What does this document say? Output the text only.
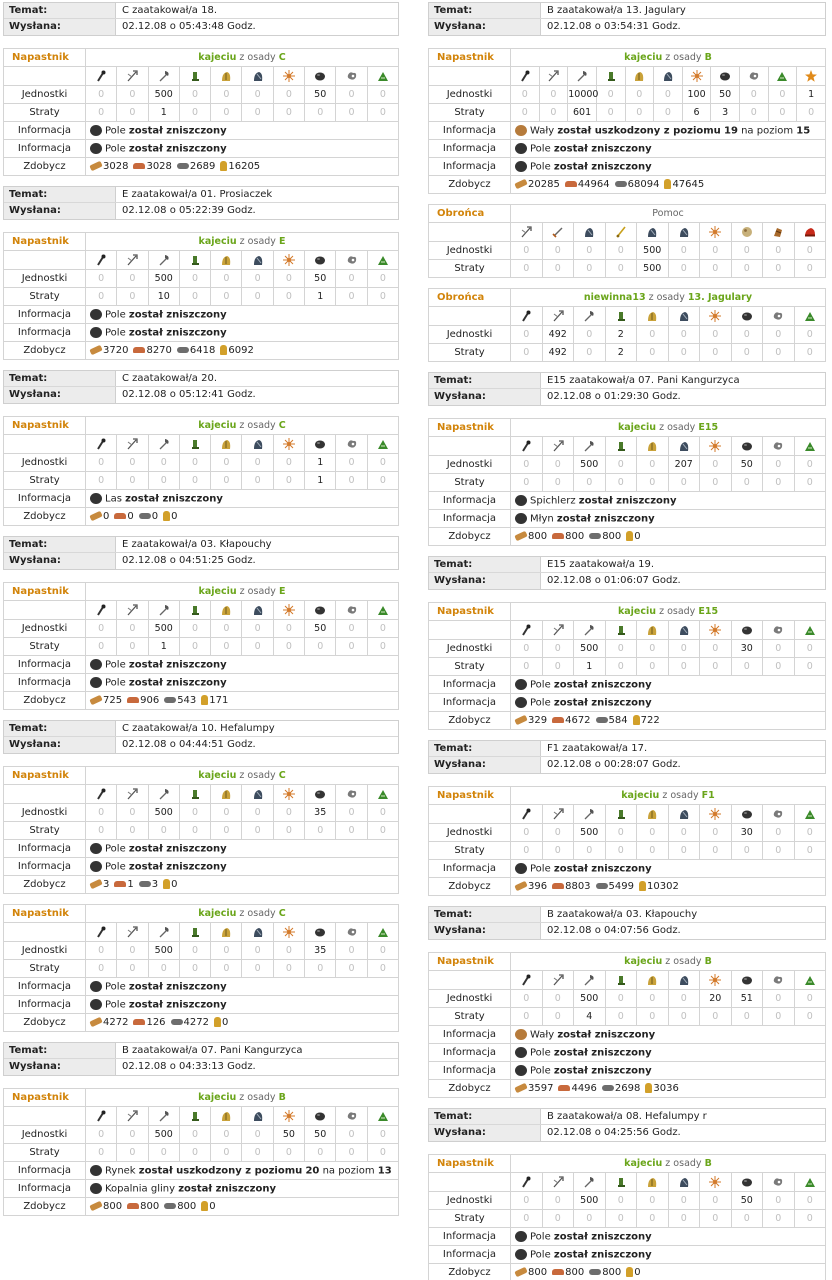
Temat:	C zaatakował/a 18.
Wysłana:	02.12.08 o 05:43:48 Godz.
Napastnik	kajeciu z osady C									

Jednostki	0	0	500	0	0	0	0	50	0	0
Straty	0	0	1	0	0	0	0	0	0	0
Informacja	Pole został zniszczony									
Informacja	Pole został zniszczony									
Zdobycz	3028 3028 2689 16205									
Temat:	E zaatakował/a 01. Prosiaczek
Wysłana:	02.12.08 o 05:22:39 Godz.
Napastnik	kajeciu z osady E									

Jednostki	0	0	500	0	0	0	0	50	0	0
Straty	0	0	10	0	0	0	0	1	0	0
Informacja	Pole został zniszczony									
Informacja	Pole został zniszczony									
Zdobycz	3720 8270 6418 6092									
Temat:	C zaatakował/a 20.
Wysłana:	02.12.08 o 05:12:41 Godz.
Napastnik	kajeciu z osady C									

Jednostki	0	0	0	0	0	0	0	1	0	0
Straty	0	0	0	0	0	0	0	1	0	0
Informacja	Las został zniszczony									
Zdobycz	0 0 0 0									
Temat:	E zaatakował/a 03. Kłapouchy
Wysłana:	02.12.08 o 04:51:25 Godz.
Napastnik	kajeciu z osady E									

Jednostki	0	0	500	0	0	0	0	50	0	0
Straty	0	0	1	0	0	0	0	0	0	0
Informacja	Pole został zniszczony									
Informacja	Pole został zniszczony									
Zdobycz	725 906 543 171									
Temat:	C zaatakował/a 10. Hefalumpy
Wysłana:	02.12.08 o 04:44:51 Godz.
Napastnik	kajeciu z osady C									

Jednostki	0	0	500	0	0	0	0	35	0	0
Straty	0	0	0	0	0	0	0	0	0	0
Informacja	Pole został zniszczony									
Informacja	Pole został zniszczony									
Zdobycz	3 1 3 0									
Napastnik	kajeciu z osady C									

Jednostki	0	0	500	0	0	0	0	35	0	0
Straty	0	0	0	0	0	0	0	0	0	0
Informacja	Pole został zniszczony									
Informacja	Pole został zniszczony									
Zdobycz	4272 126 4272 0									
Temat:	B zaatakował/a 07. Pani Kangurzyca
Wysłana:	02.12.08 o 04:33:13 Godz.
Napastnik	kajeciu z osady B									

Jednostki	0	0	500	0	0	0	50	50	0	0
Straty	0	0	0	0	0	0	0	0	0	0
Informacja	Rynek został uszkodzony z poziomu 20 na poziom 13									
Informacja	Kopalnia gliny został zniszczony									
Zdobycz	800 800 800 0									
Temat:	B zaatakował/a 13. Jagulary
Wysłana:	02.12.08 o 03:54:31 Godz.
Napastnik	kajeciu z osady B										

Jednostki	0	0	10000	0	0	0	100	50	0	0	1
Straty	0	0	601	0	0	0	6	3	0	0	0
Informacja	Wały został uszkodzony z poziomu 19 na poziom 15										
Informacja	Pole został zniszczony										
Informacja	Pole został zniszczony										
Zdobycz	20285 44964 68094 47645										
Obrońca	Pomoc									

Jednostki	0	0	0	0	500	0	0	0	0	0
Straty	0	0	0	0	500	0	0	0	0	0
Obrońca	niewinna13 z osady 13. Jagulary									

Jednostki	0	492	0	2	0	0	0	0	0	0
Straty	0	492	0	2	0	0	0	0	0	0
Temat:	E15 zaatakował/a 07. Pani Kangurzyca
Wysłana:	02.12.08 o 01:29:30 Godz.
Napastnik	kajeciu z osady E15									

Jednostki	0	0	500	0	0	207	0	50	0	0
Straty	0	0	0	0	0	0	0	0	0	0
Informacja	Spichlerz został zniszczony									
Informacja	Młyn został zniszczony									
Zdobycz	800 800 800 0									
Temat:	E15 zaatakował/a 19.
Wysłana:	02.12.08 o 01:06:07 Godz.
Napastnik	kajeciu z osady E15									

Jednostki	0	0	500	0	0	0	0	30	0	0
Straty	0	0	1	0	0	0	0	0	0	0
Informacja	Pole został zniszczony									
Informacja	Pole został zniszczony									
Zdobycz	329 4672 584 722									
Temat:	F1 zaatakował/a 17.
Wysłana:	02.12.08 o 00:28:07 Godz.
Napastnik	kajeciu z osady F1									

Jednostki	0	0	500	0	0	0	0	30	0	0
Straty	0	0	0	0	0	0	0	0	0	0
Informacja	Pole został zniszczony									
Zdobycz	396 8803 5499 10302									
Temat:	B zaatakował/a 03. Kłapouchy
Wysłana:	02.12.08 o 04:07:56 Godz.
Napastnik	kajeciu z osady B									

Jednostki	0	0	500	0	0	0	20	51	0	0
Straty	0	0	4	0	0	0	0	0	0	0
Informacja	Wały został zniszczony									
Informacja	Pole został zniszczony									
Informacja	Pole został zniszczony									
Zdobycz	3597 4496 2698 3036									
Temat:	B zaatakował/a 08. Hefalumpy r
Wysłana:	02.12.08 o 04:25:56 Godz.
Napastnik	kajeciu z osady B									

Jednostki	0	0	500	0	0	0	0	50	0	0
Straty	0	0	0	0	0	0	0	0	0	0
Informacja	Pole został zniszczony									
Informacja	Pole został zniszczony									
Zdobycz	800 800 800 0									
